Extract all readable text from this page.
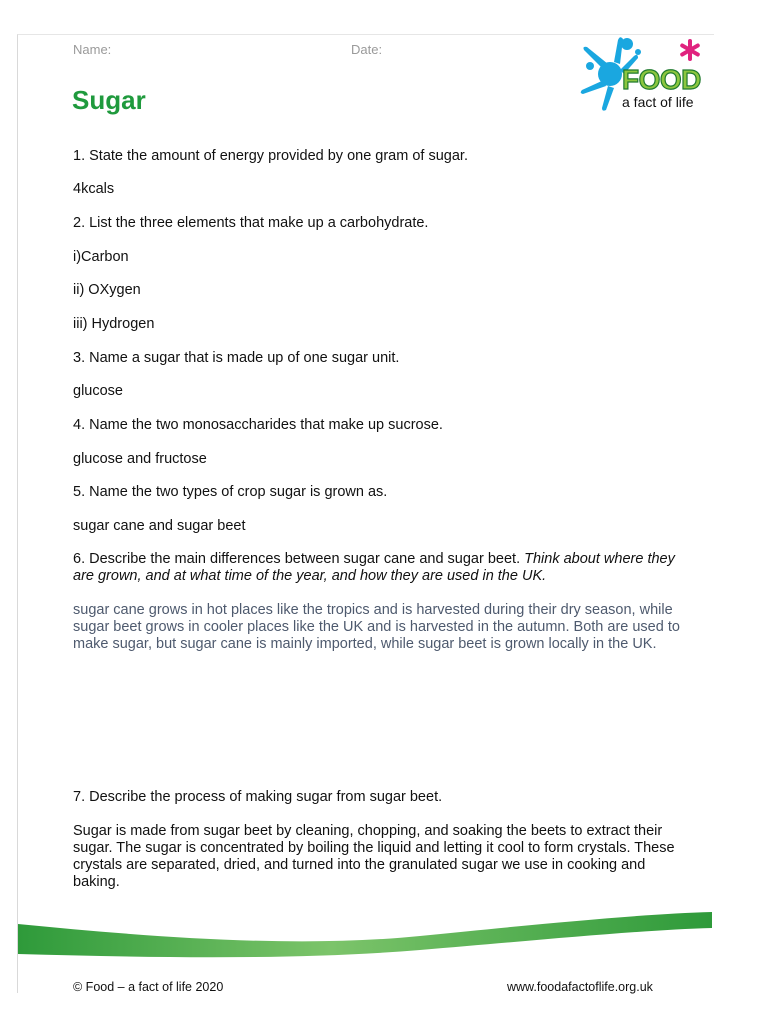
Name:	Date:
Sugar
FOOD
a fact of life
1. State the amount of energy provided by one gram of sugar.
4kcals
2. List the three elements that make up a carbohydrate.
i)Carbon
ii) OXygen
iii) Hydrogen
3. Name a sugar that is made up of one sugar unit.
glucose
4. Name the two monosaccharides that make up sucrose.
glucose and fructose
5. Name the two types of crop sugar is grown as.
sugar cane and sugar beet
6. Describe the main differences between sugar cane and sugar beet. Think about where they are grown, and at what time of the year, and how they are used in the UK.
sugar cane grows in hot places like the tropics and is harvested during their dry season, while sugar beet grows in cooler places like the UK and is harvested in the autumn. Both are used to make sugar, but sugar cane is mainly imported, while sugar beet is grown locally in the UK.
7. Describe the process of making sugar from sugar beet.
Sugar is made from sugar beet by cleaning, chopping, and soaking the beets to extract their sugar. The sugar is concentrated by boiling the liquid and letting it cool to form crystals. These crystals are separated, dried, and turned into the granulated sugar we use in cooking and baking.
© Food – a fact of life 2020	www.foodafactoflife.org.uk
